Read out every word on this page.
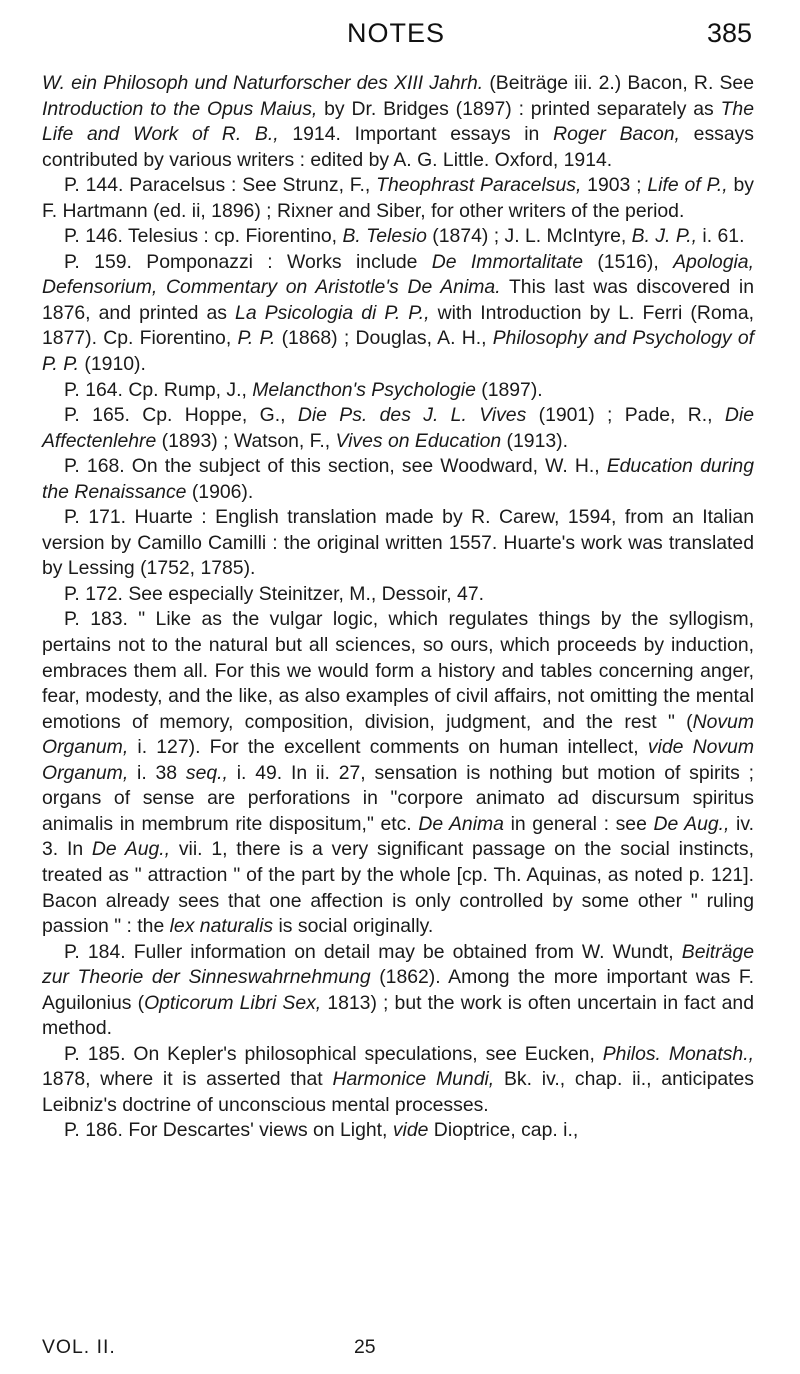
NOTES	385

W. ein Philosoph und Naturforscher des XIII Jahrh. (Beiträge iii. 2.) Bacon, R. See Introduction to the Opus Maius, by Dr. Bridges (1897) : printed separately as The Life and Work of R. B., 1914. Important essays in Roger Bacon, essays contributed by various writers : edited by A. G. Little. Oxford, 1914.

P. 144. Paracelsus : See Strunz, F., Theophrast Paracelsus, 1903 ; Life of P., by F. Hartmann (ed. ii, 1896) ; Rixner and Siber, for other writers of the period.

P. 146. Telesius : cp. Fiorentino, B. Telesio (1874) ; J. L. McIntyre, B. J. P., i. 61.

P. 159. Pomponazzi : Works include De Immortalitate (1516), Apologia, Defensorium, Commentary on Aristotle's De Anima. This last was discovered in 1876, and printed as La Psicologia di P. P., with Introduction by L. Ferri (Roma, 1877). Cp. Fiorentino, P. P. (1868) ; Douglas, A. H., Philosophy and Psychology of P. P. (1910).

P. 164. Cp. Rump, J., Melancthon's Psychologie (1897).

P. 165. Cp. Hoppe, G., Die Ps. des J. L. Vives (1901) ; Pade, R., Die Affectenlehre (1893) ; Watson, F., Vives on Education (1913).

P. 168. On the subject of this section, see Woodward, W. H., Education during the Renaissance (1906).

P. 171. Huarte : English translation made by R. Carew, 1594, from an Italian version by Camillo Camilli : the original written 1557. Huarte's work was translated by Lessing (1752, 1785).

P. 172. See especially Steinitzer, M., Dessoir, 47.

P. 183. " Like as the vulgar logic, which regulates things by the syllogism, pertains not to the natural but all sciences, so ours, which proceeds by induction, embraces them all. For this we would form a history and tables concerning anger, fear, modesty, and the like, as also examples of civil affairs, not omitting the mental emotions of memory, composition, division, judgment, and the rest " (Novum Organum, i. 127). For the excellent comments on human intellect, vide Novum Organum, i. 38 seq., i. 49. In ii. 27, sensation is nothing but motion of spirits ; organs of sense are perforations in "corpore animato ad discursum spiritus animalis in membrum rite dispositum," etc. De Anima in general : see De Aug., iv. 3. In De Aug., vii. 1, there is a very significant passage on the social instincts, treated as " attraction " of the part by the whole [cp. Th. Aquinas, as noted p. 121]. Bacon already sees that one affection is only controlled by some other " ruling passion " : the lex naturalis is social originally.

P. 184. Fuller information on detail may be obtained from W. Wundt, Beiträge zur Theorie der Sinneswahrnehmung (1862). Among the more important was F. Aguilonius (Opticorum Libri Sex, 1813) ; but the work is often uncertain in fact and method.

P. 185. On Kepler's philosophical speculations, see Eucken, Philos. Monatsh., 1878, where it is asserted that Harmonice Mundi, Bk. iv., chap. ii., anticipates Leibniz's doctrine of unconscious mental processes.

P. 186. For Descartes' views on Light, vide Dioptrice, cap. i.,

VOL. II.	25
